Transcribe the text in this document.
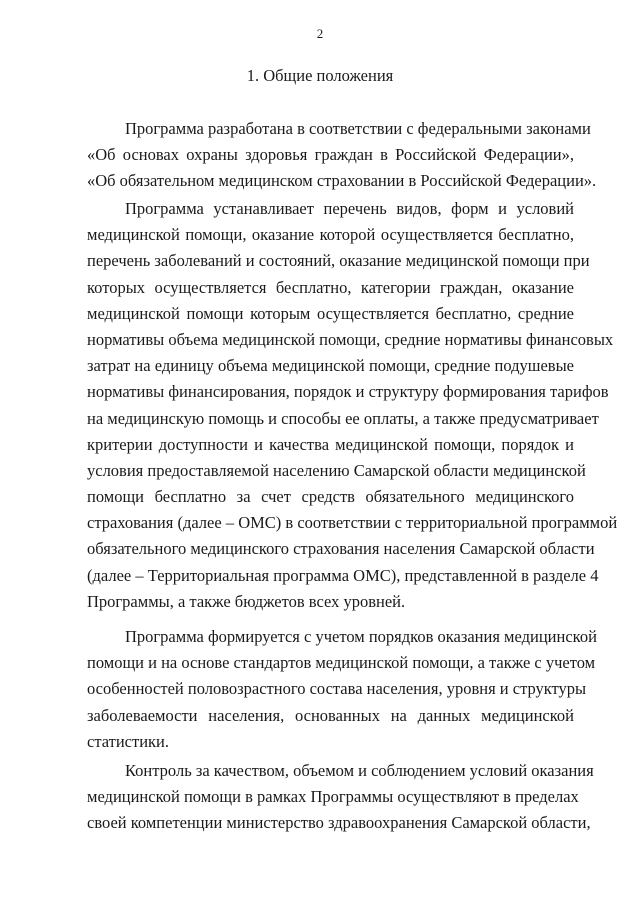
2
1. Общие положения
Программа разработана в соответствии с федеральными законами
«Об основах охраны здоровья граждан в Российской Федерации»,
«Об обязательном медицинском страховании в Российской Федерации».
Программа устанавливает перечень видов, форм и условий
медицинской помощи, оказание которой осуществляется бесплатно,
перечень заболеваний и состояний, оказание медицинской помощи при
которых осуществляется бесплатно, категории граждан, оказание
медицинской помощи которым осуществляется бесплатно, средние
нормативы объема медицинской помощи, средние нормативы финансовых
затрат на единицу объема медицинской помощи, средние подушевые
нормативы финансирования, порядок и структуру формирования тарифов
на медицинскую помощь и способы ее оплаты, а также предусматривает
критерии доступности и качества медицинской помощи, порядок и
условия предоставляемой населению Самарской области медицинской
помощи бесплатно за счет средств обязательного медицинского
страхования (далее – ОМС) в соответствии с территориальной программой
обязательного медицинского страхования населения Самарской области
(далее – Территориальная программа ОМС), представленной в разделе 4
Программы, а также бюджетов всех уровней.
Программа формируется с учетом порядков оказания медицинской
помощи и на основе стандартов медицинской помощи, а также с учетом
особенностей половозрастного состава населения, уровня и структуры
заболеваемости населения, основанных на данных медицинской
статистики.
Контроль за качеством, объемом и соблюдением условий оказания
медицинской помощи в рамках Программы осуществляют в пределах
своей компетенции министерство здравоохранения Самарской области,
